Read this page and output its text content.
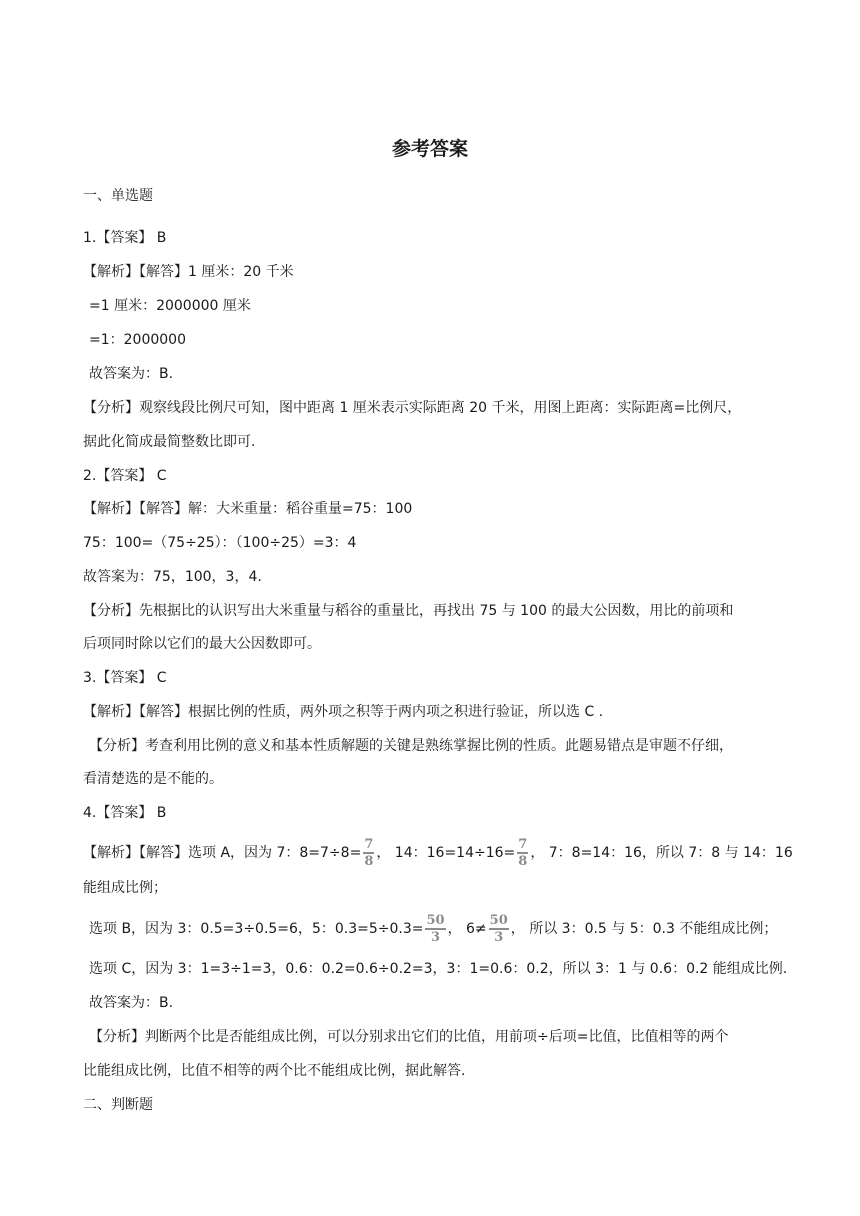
参考答案
一、单选题
1.【答案】 B
【解析】【解答】1 厘米：20 千米
=1 厘米：2000000 厘米
=1：2000000
故答案为：B.
【分析】观察线段比例尺可知，图中距离 1 厘米表示实际距离 20 千米，用图上距离：实际距离=比例尺，
据此化简成最简整数比即可.
2.【答案】 C
【解析】【解答】解：大米重量：稻谷重量=75：100
75：100=（75÷25）：（100÷25）=3：4
故答案为：75，100，3，4.
【分析】先根据比的认识写出大米重量与稻谷的重量比，再找出 75 与 100 的最大公因数，用比的前项和
后项同时除以它们的最大公因数即可。
3.【答案】 C
【解析】【解答】根据比例的性质，两外项之积等于两内项之积进行验证，所以选 C .
【分析】考查利用比例的意义和基本性质解题的关键是熟练掌握比例的性质。此题易错点是审题不仔细，
看清楚选的是不能的。
4.【答案】 B
【解析】【解答】选项 A，因为 7：$8=7\div 8= \frac{7}{8}$ ， 14：$16=14\div 16= \frac{7}{8}$ ， 7：8=14：16，所以 7：8 与 14：16
能组成比例；
选项 B，因为 3：0.5=3÷0.5=6，5：$0.3=5\div 0.3= \frac{50}{3}$ ， $6\ne \frac{50}{3}$ ， 所以 3：0.5 与 5：0.3 不能组成比例；
选项 C，因为 3：1=3÷1=3，0.6：0.2=0.6÷0.2=3，3：1=0.6：0.2，所以 3：1 与 0.6：0.2 能组成比例.
故答案为：B.
【分析】判断两个比是否能组成比例，可以分别求出它们的比值，用前项÷后项=比值，比值相等的两个
比能组成比例，比值不相等的两个比不能组成比例，据此解答.
二、判断题
